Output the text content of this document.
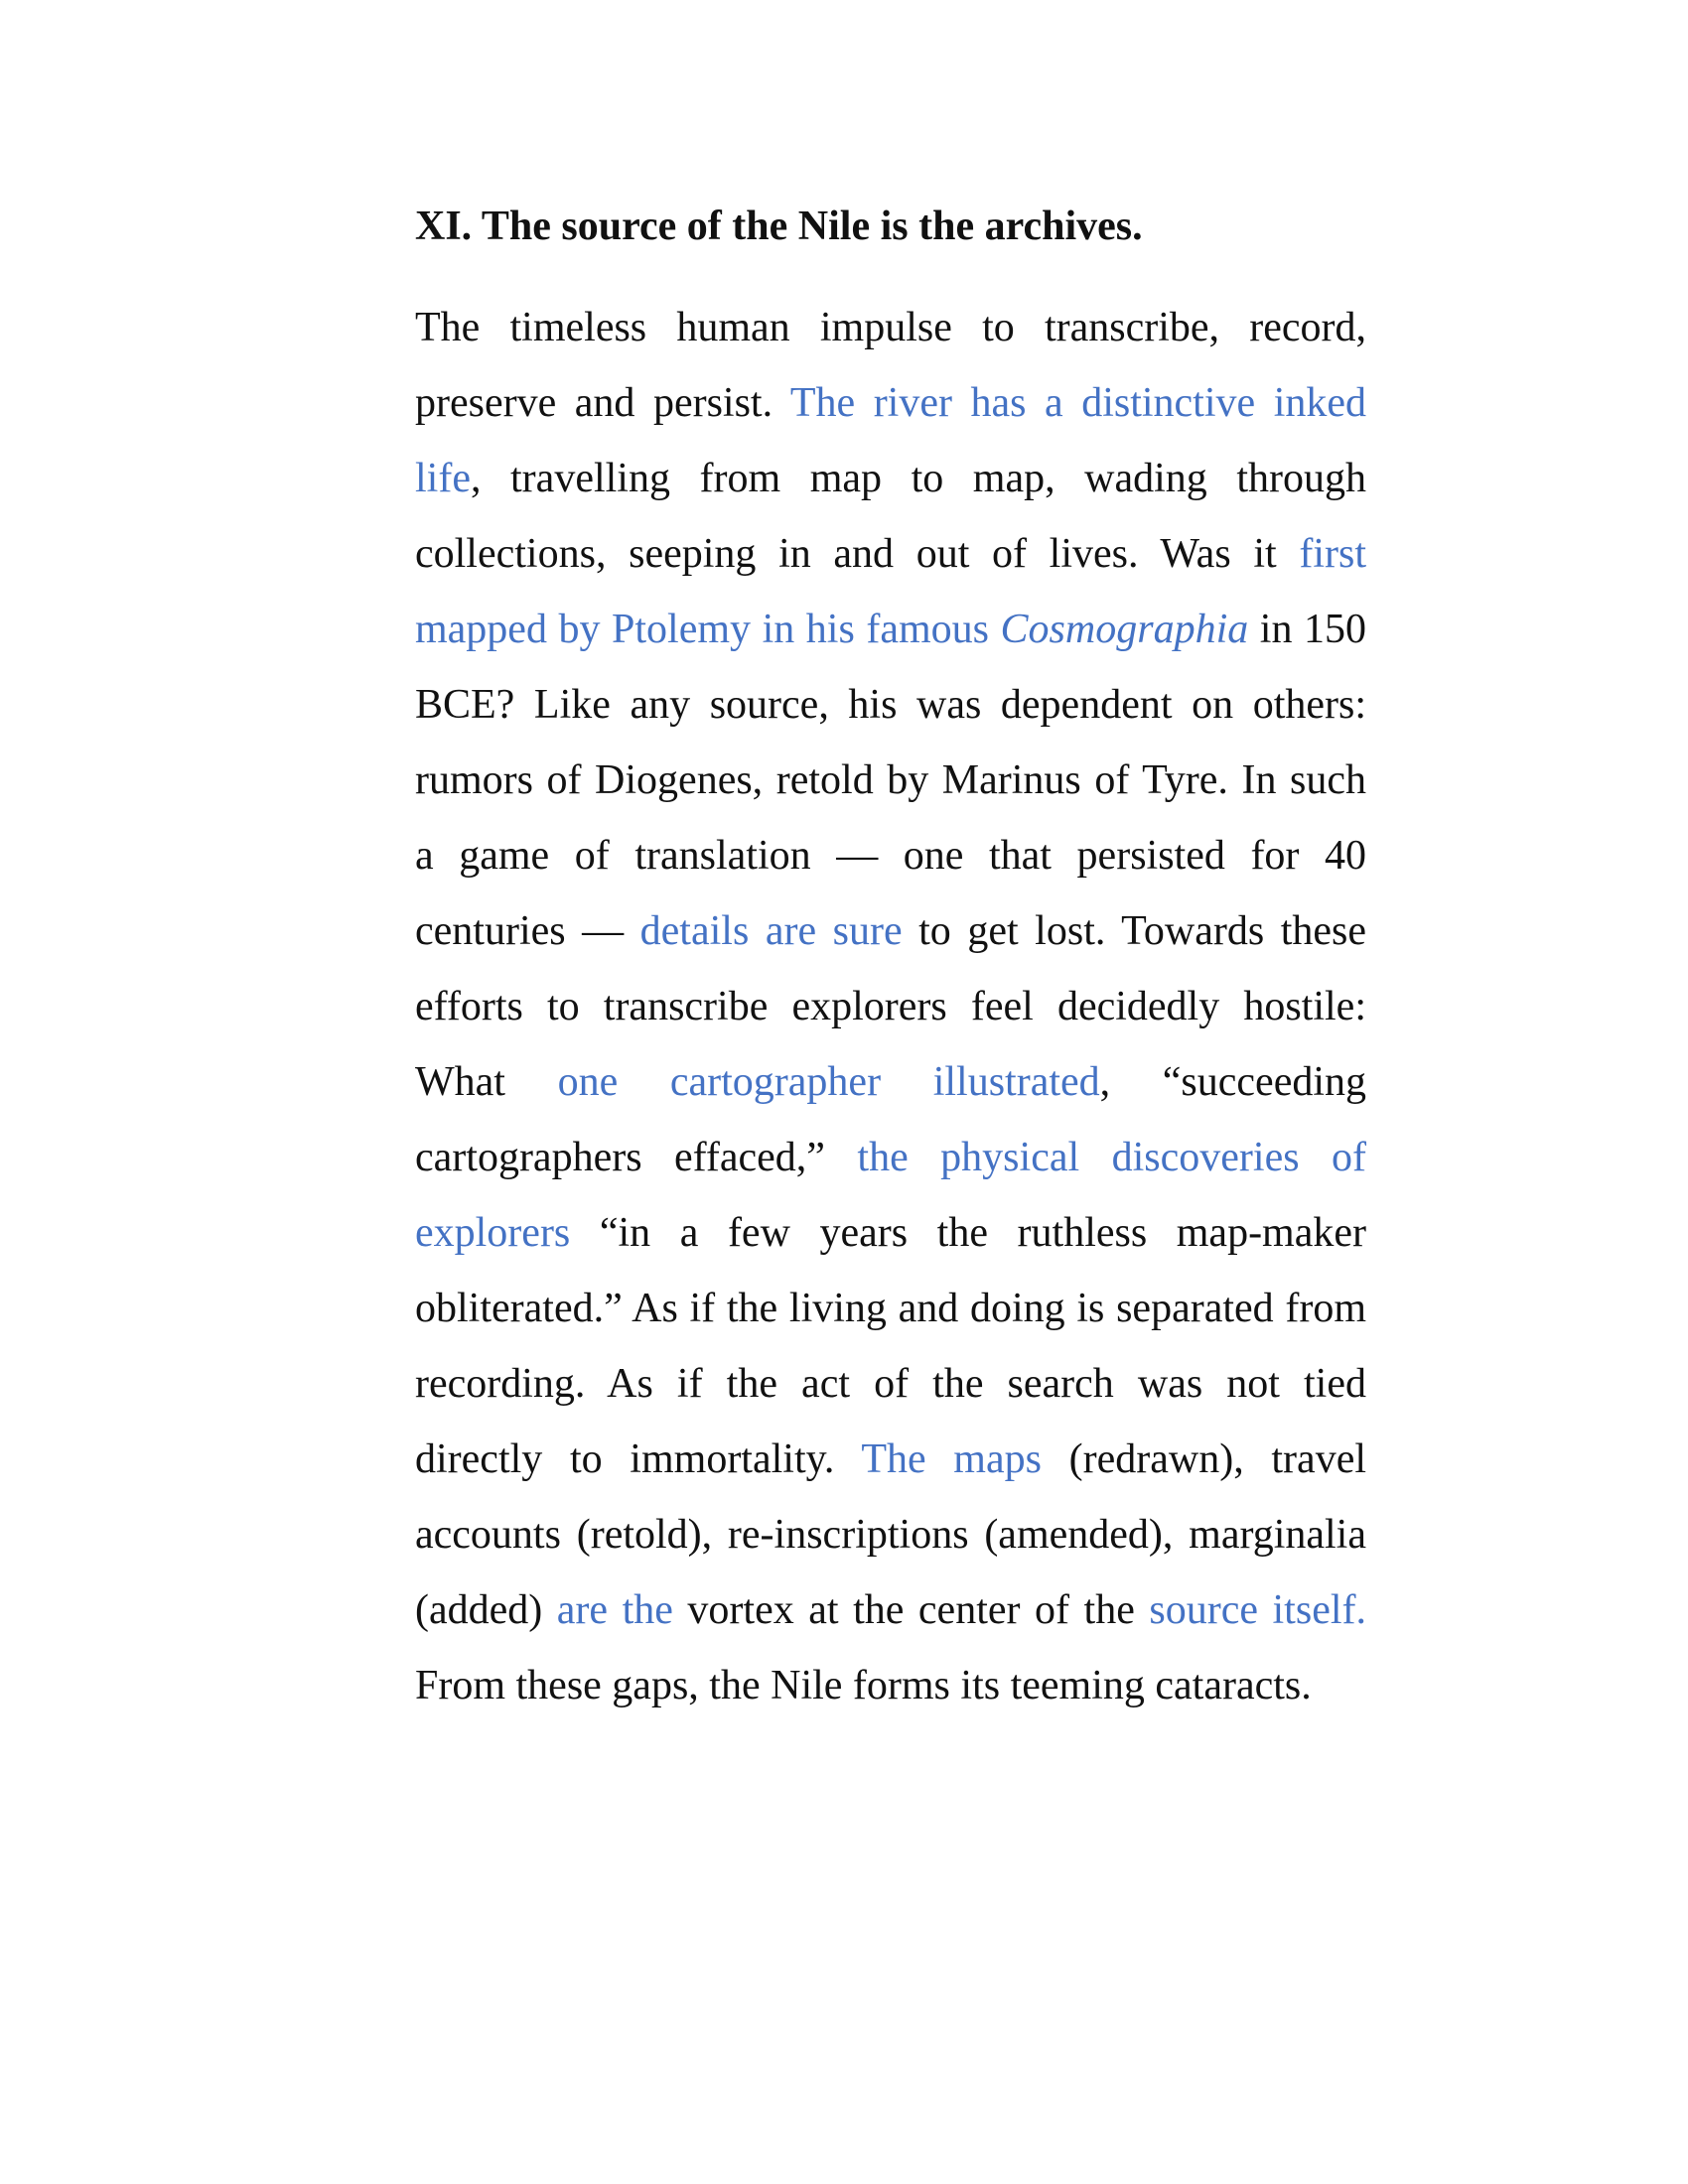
XI. The source of the Nile is the archives.

The timeless human impulse to transcribe, record, preserve and persist. The river has a distinctive inked life, travelling from map to map, wading through collections, seeping in and out of lives. Was it first mapped by Ptolemy in his famous Cosmographia in 150 BCE? Like any source, his was dependent on others: rumors of Diogenes, retold by Marinus of Tyre. In such a game of translation — one that persisted for 40 centuries — details are sure to get lost. Towards these efforts to transcribe explorers feel decidedly hostile: What one cartographer illustrated, “succeeding cartographers effaced,” the physical discoveries of explorers “in a few years the ruthless map-maker obliterated.” As if the living and doing is separated from recording. As if the act of the search was not tied directly to immortality. The maps (redrawn), travel accounts (retold), re-inscriptions (amended), marginalia (added) are the vortex at the center of the source itself. From these gaps, the Nile forms its teeming cataracts.
